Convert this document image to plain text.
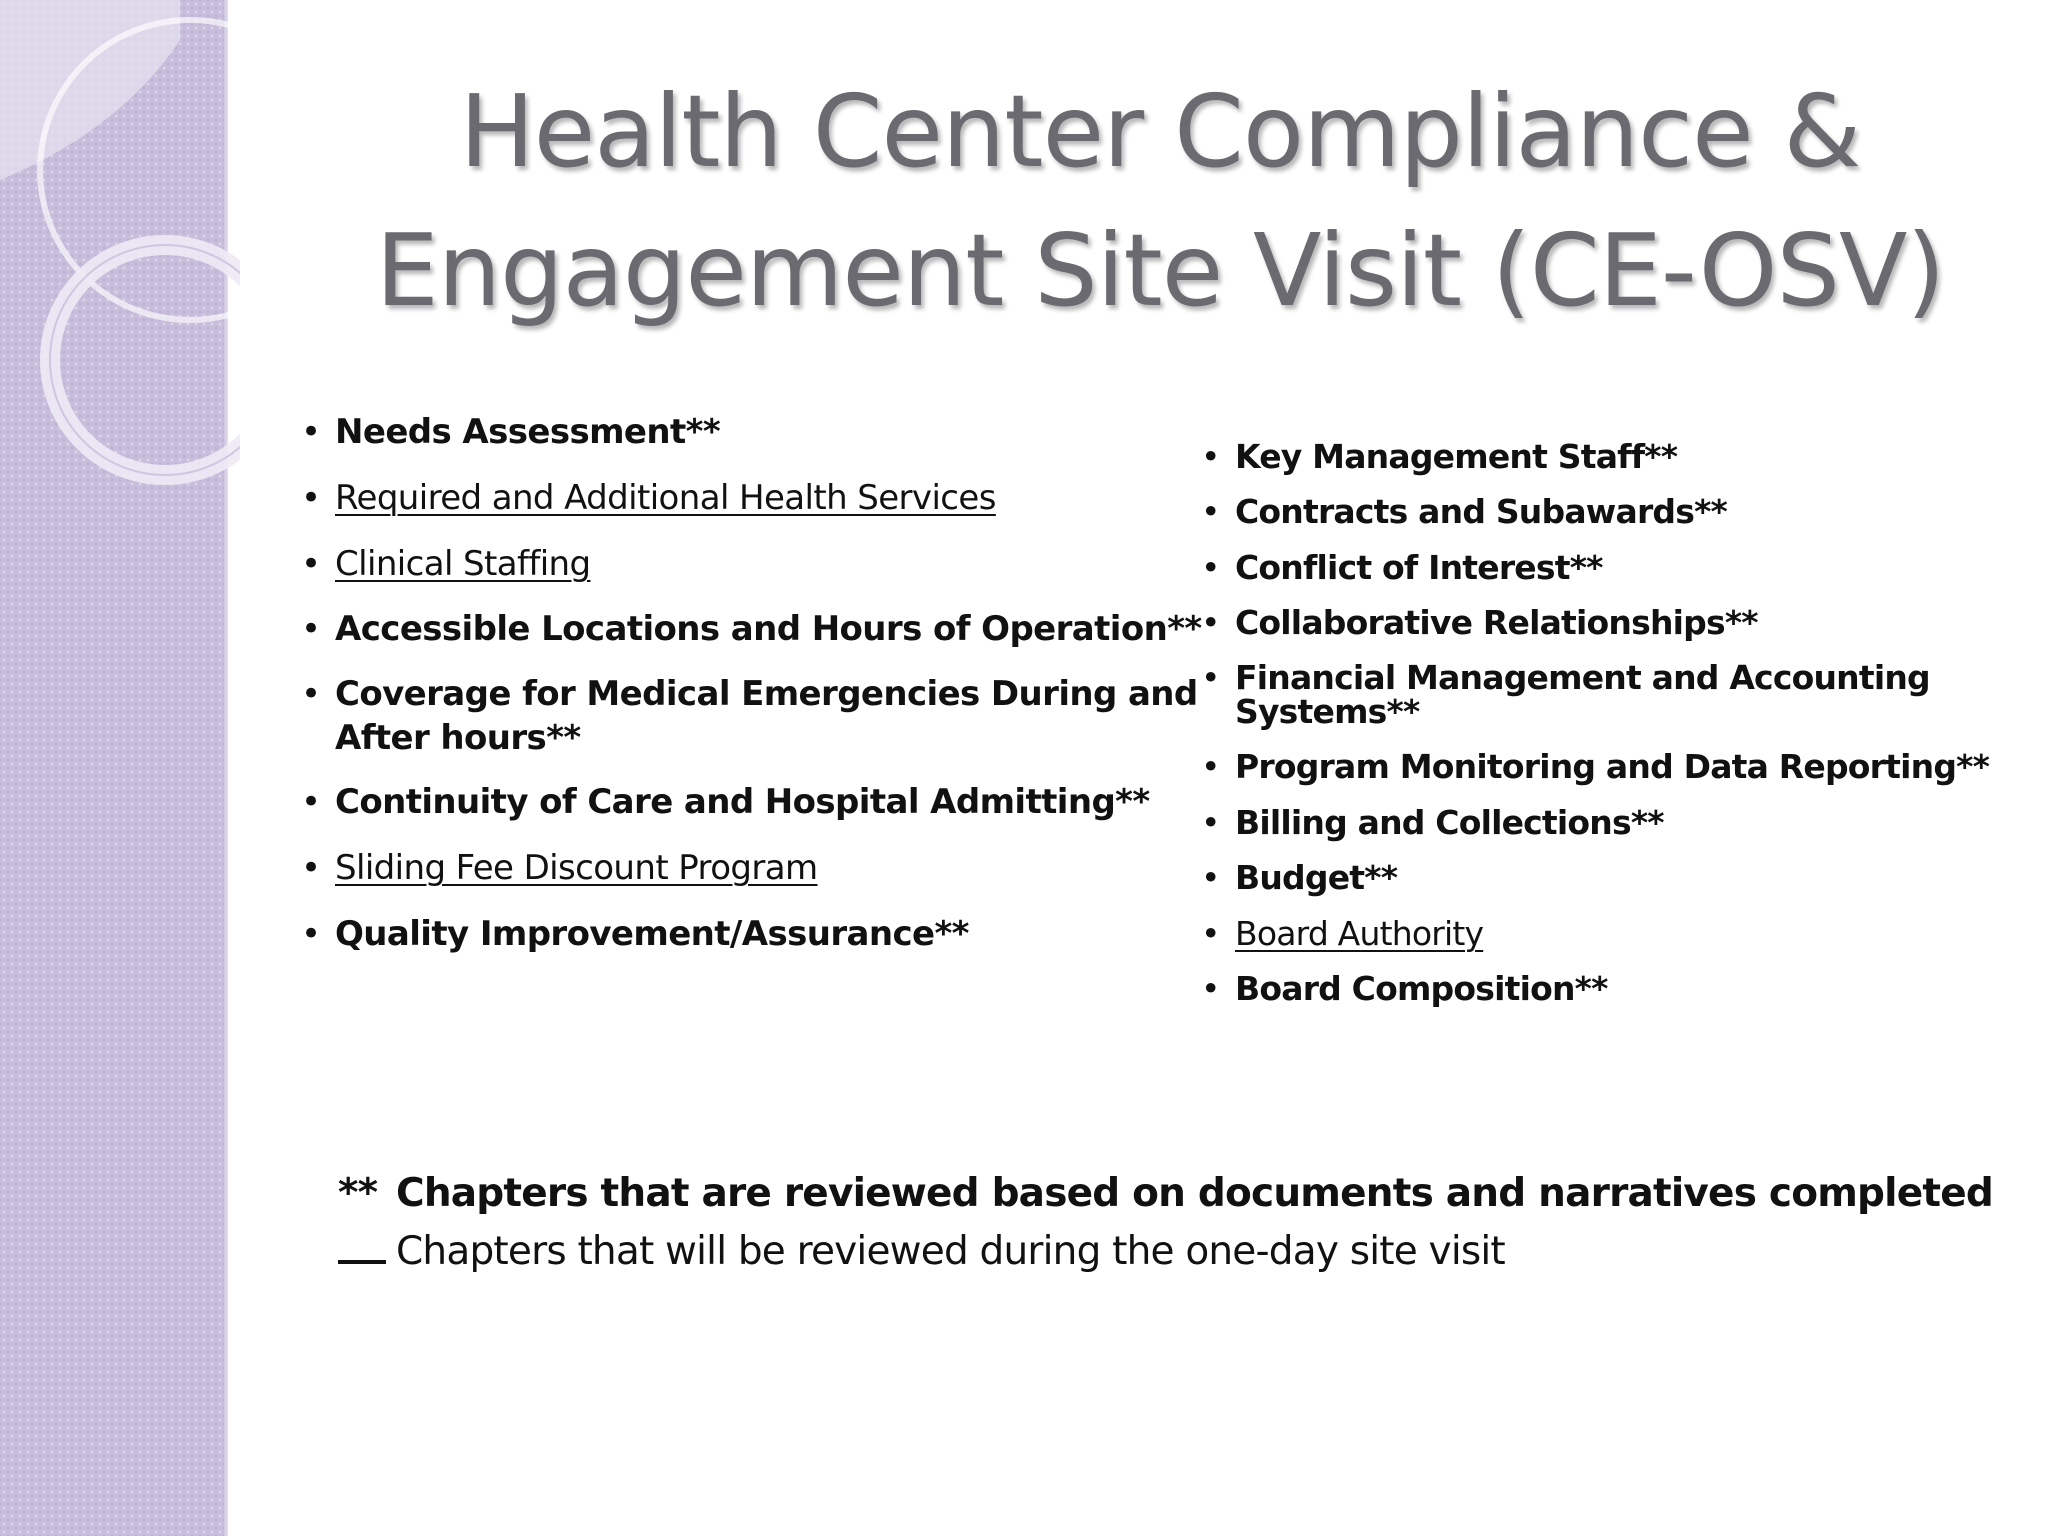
Health Center Compliance &
Engagement Site Visit (CE-OSV)
• Needs Assessment**
• Required and Additional Health Services
• Clinical Staffing
• Accessible Locations and Hours of Operation**
• Coverage for Medical Emergencies During and
After hours**
• Continuity of Care and Hospital Admitting**
• Sliding Fee Discount Program
• Quality Improvement/Assurance**
• Key Management Staff**
• Contracts and Subawards**
• Conflict of Interest**
• Collaborative Relationships**
• Financial Management and Accounting
Systems**
• Program Monitoring and Data Reporting**
• Billing and Collections**
• Budget**
• Board Authority
• Board Composition**
** Chapters that are reviewed based on documents and narratives completed
Chapters that will be reviewed during the one-day site visit
